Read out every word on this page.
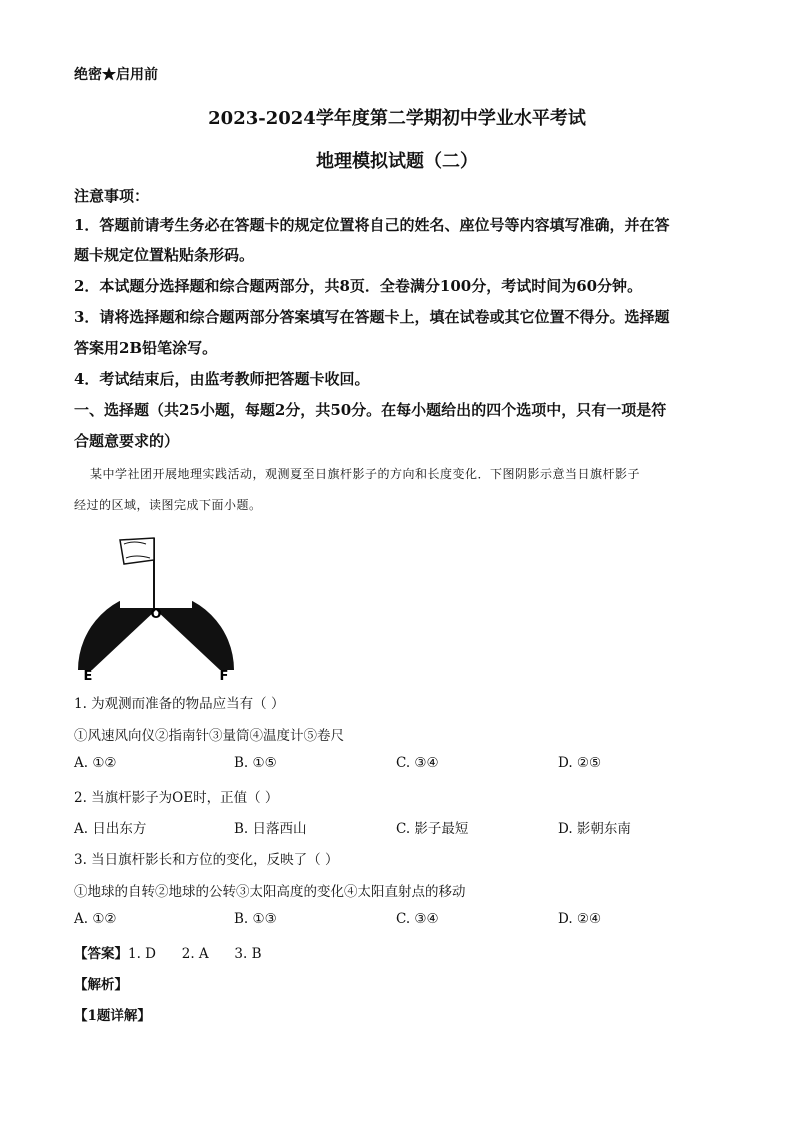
绝密★启用前
2023-2024学年度第二学期初中学业水平考试
地理模拟试题（二）
注意事项：
1．答题前请考生务必在答题卡的规定位置将自己的姓名、座位号等内容填写准确，并在答
题卡规定位置粘贴条形码。
2．本试题分选择题和综合题两部分，共8页．全卷满分100分，考试时间为60分钟。
3．请将选择题和综合题两部分答案填写在答题卡上，填在试卷或其它位置不得分。选择题
答案用2B铅笔涂写。
4．考试结束后，由监考教师把答题卡收回。
一、选择题（共25小题，每题2分，共50分。在每小题给出的四个选项中，只有一项是符
合题意要求的）
某中学社团开展地理实践活动，观测夏至日旗杆影子的方向和长度变化．下图阴影示意当日旗杆影子
经过的区域，读图完成下面小题。
O
E	F
1. 为观测而准备的物品应当有（ ）
①风速风向仪②指南针③量筒④温度计⑤卷尺
A. ①②	B. ①⑤	C. ③④	D. ②⑤
2. 当旗杆影子为OE时，正值（ ）
A. 日出东方	B. 日落西山	C. 影子最短	D. 影朝东南
3. 当日旗杆影长和方位的变化，反映了（ ）
①地球的自转②地球的公转③太阳高度的变化④太阳直射点的移动
A. ①②	B. ①③	C. ③④	D. ②④
【答案】1. D      2. A      3. B
【解析】
【1题详解】
